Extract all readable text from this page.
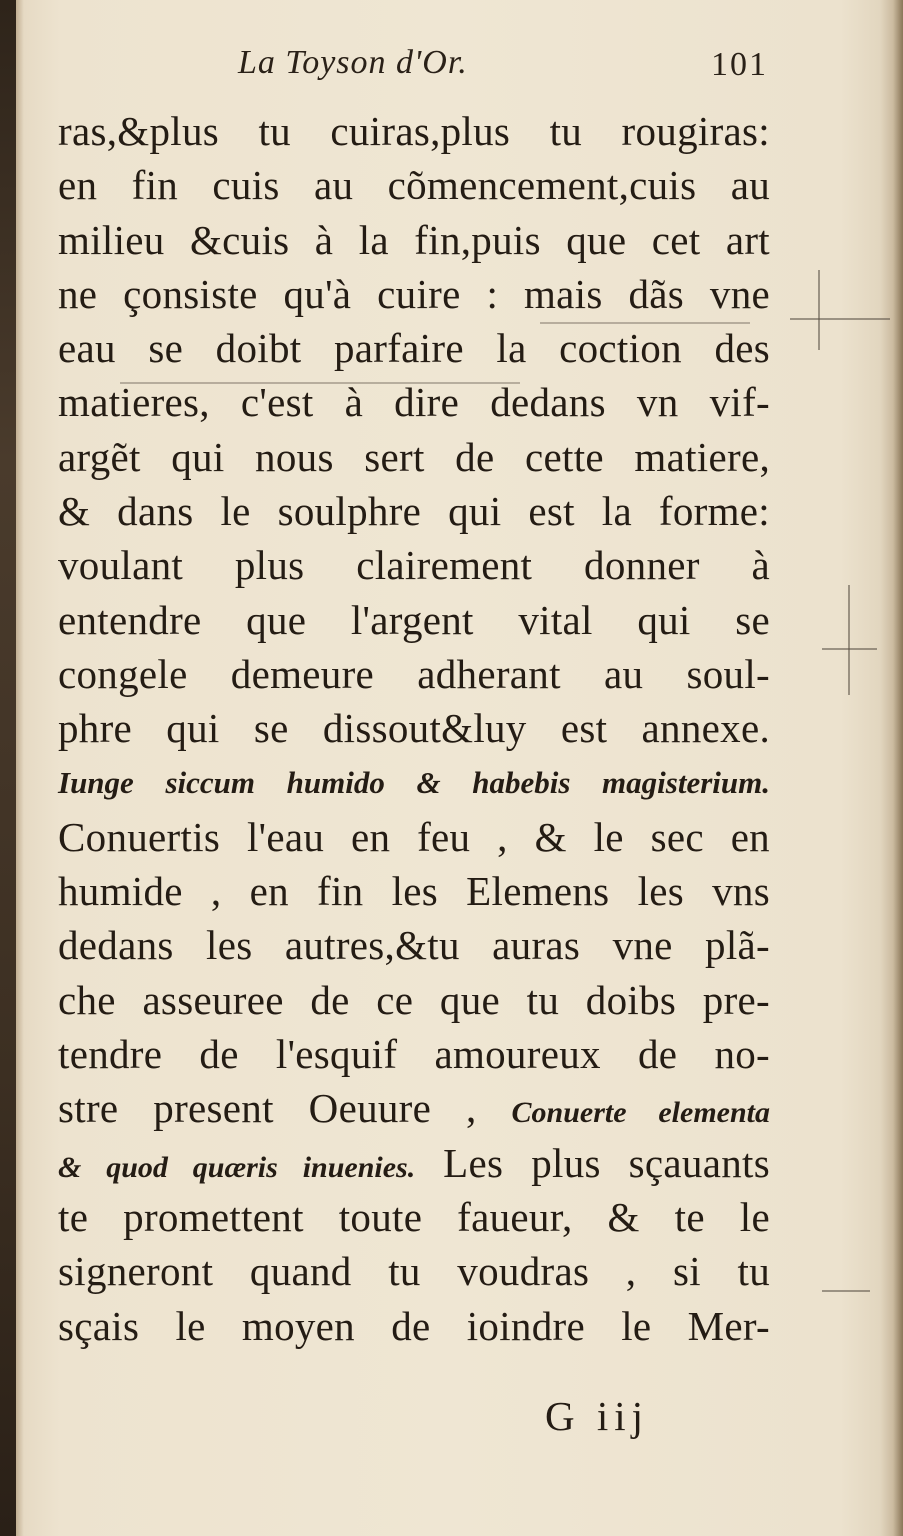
La Toyson d'Or.	101
ras,&plus tu cuiras,plus tu rougiras:
en fin cuis au cõmencement,cuis au
milieu &cuis à la fin,puis que cet art
ne çonsiste qu'à cuire : mais dãs vne
eau se doibt parfaire la coction des
matieres, c'est à dire dedans vn vif-
argẽt qui nous sert de cette matiere,
& dans le soulphre qui est la forme:
voulant plus clairement donner à
entendre que l'argent vital qui se
congele demeure adherant au soul-
phre qui se dissout&luy est annexe.
Iunge siccum humido & habebis magisterium.
Conuertis l'eau en feu , & le sec en
humide , en fin les Elemens les vns
dedans les autres,&tu auras vne plã-
che asseuree de ce que tu doibs pre-
tendre de l'esquif amoureux de no-
stre present Oeuure , Conuerte elementa
& quod quæris inuenies. Les plus sçauants
te promettent toute faueur, & te le
signeront quand tu voudras , si tu
sçais le moyen de ioindre le Mer-
G iij
